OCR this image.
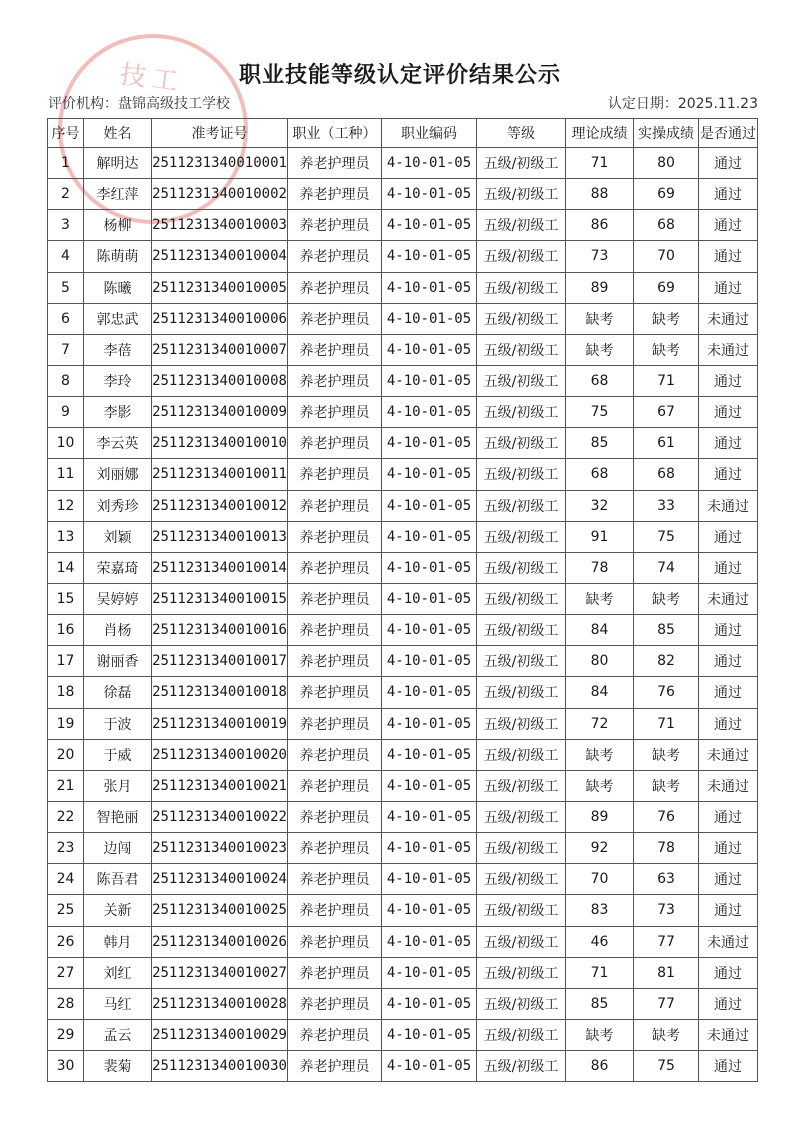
技工	职业技能等级认定评价结果公示
评价机构：盘锦高级技工学校	认定日期：2025.11.23
序号	姓名	准考证号	职业（工种）	职业编码	等级	理论成绩	实操成绩	是否通过
1	解明达	2511231340010001	养老护理员	4-10-01-05	五级/初级工	71	80	通过
2	李红萍	2511231340010002	养老护理员	4-10-01-05	五级/初级工	88	69	通过
3	杨柳	2511231340010003	养老护理员	4-10-01-05	五级/初级工	86	68	通过
4	陈萌萌	2511231340010004	养老护理员	4-10-01-05	五级/初级工	73	70	通过
5	陈曦	2511231340010005	养老护理员	4-10-01-05	五级/初级工	89	69	通过
6	郭忠武	2511231340010006	养老护理员	4-10-01-05	五级/初级工	缺考	缺考	未通过
7	李蓓	2511231340010007	养老护理员	4-10-01-05	五级/初级工	缺考	缺考	未通过
8	李玲	2511231340010008	养老护理员	4-10-01-05	五级/初级工	68	71	通过
9	李影	2511231340010009	养老护理员	4-10-01-05	五级/初级工	75	67	通过
10	李云英	2511231340010010	养老护理员	4-10-01-05	五级/初级工	85	61	通过
11	刘丽娜	2511231340010011	养老护理员	4-10-01-05	五级/初级工	68	68	通过
12	刘秀珍	2511231340010012	养老护理员	4-10-01-05	五级/初级工	32	33	未通过
13	刘颖	2511231340010013	养老护理员	4-10-01-05	五级/初级工	91	75	通过
14	荣嘉琦	2511231340010014	养老护理员	4-10-01-05	五级/初级工	78	74	通过
15	吴婷婷	2511231340010015	养老护理员	4-10-01-05	五级/初级工	缺考	缺考	未通过
16	肖杨	2511231340010016	养老护理员	4-10-01-05	五级/初级工	84	85	通过
17	谢丽香	2511231340010017	养老护理员	4-10-01-05	五级/初级工	80	82	通过
18	徐磊	2511231340010018	养老护理员	4-10-01-05	五级/初级工	84	76	通过
19	于波	2511231340010019	养老护理员	4-10-01-05	五级/初级工	72	71	通过
20	于威	2511231340010020	养老护理员	4-10-01-05	五级/初级工	缺考	缺考	未通过
21	张月	2511231340010021	养老护理员	4-10-01-05	五级/初级工	缺考	缺考	未通过
22	智艳丽	2511231340010022	养老护理员	4-10-01-05	五级/初级工	89	76	通过
23	边闯	2511231340010023	养老护理员	4-10-01-05	五级/初级工	92	78	通过
24	陈吾君	2511231340010024	养老护理员	4-10-01-05	五级/初级工	70	63	通过
25	关新	2511231340010025	养老护理员	4-10-01-05	五级/初级工	83	73	通过
26	韩月	2511231340010026	养老护理员	4-10-01-05	五级/初级工	46	77	未通过
27	刘红	2511231340010027	养老护理员	4-10-01-05	五级/初级工	71	81	通过
28	马红	2511231340010028	养老护理员	4-10-01-05	五级/初级工	85	77	通过
29	孟云	2511231340010029	养老护理员	4-10-01-05	五级/初级工	缺考	缺考	未通过
30	裴菊	2511231340010030	养老护理员	4-10-01-05	五级/初级工	86	75	通过
